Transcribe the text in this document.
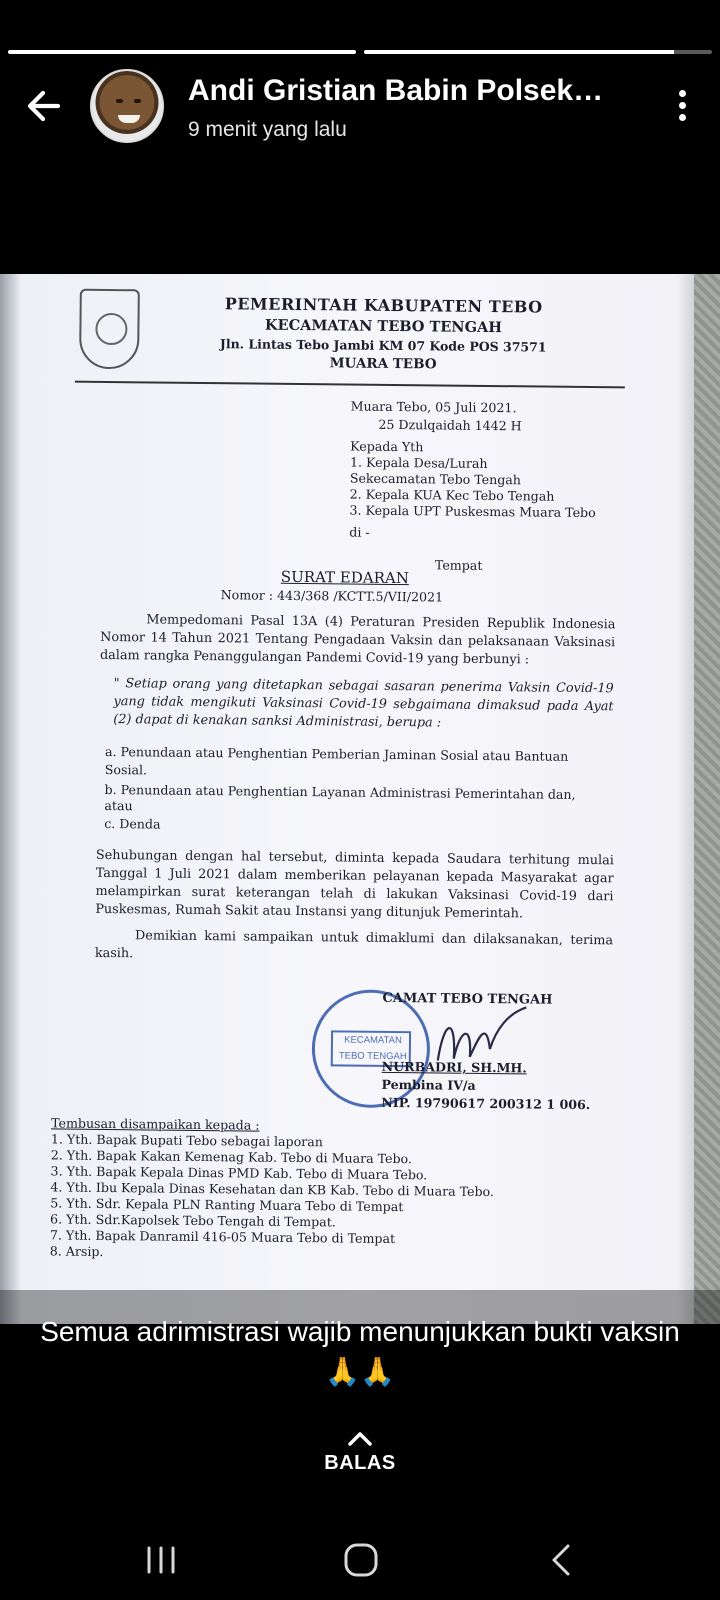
Andi Gristian Babin Polsek…
9 menit yang lalu
PEMERINTAH KABUPATEN TEBO
KECAMATAN TEBO TENGAH
Jln. Lintas Tebo Jambi KM 07 Kode POS 37571
MUARA TEBO
Muara Tebo, 05 Juli 2021.
25 Dzulqaidah 1442 H
Kepada Yth
1. Kepala Desa/Lurah
Sekecamatan Tebo Tengah
2. Kepala KUA Kec Tebo Tengah
3. Kepala UPT Puskesmas Muara Tebo
di -
Tempat
SURAT EDARAN
Nomor : 443/368 /KCTT.5/VII/2021
Mempedomani Pasal 13A (4) Peraturan Presiden Republik Indonesia Nomor 14 Tahun 2021 Tentang Pengadaan Vaksin dan pelaksanaan Vaksinasi dalam rangka Penanggulangan Pandemi Covid-19 yang berbunyi :
" Setiap orang yang ditetapkan sebagai sasaran penerima Vaksin Covid-19 yang tidak mengikuti Vaksinasi Covid-19 sebgaimana dimaksud pada Ayat (2) dapat di kenakan sanksi Administrasi, berupa :
a. Penundaan atau Penghentian Pemberian Jaminan Sosial atau Bantuan
Sosial.
b. Penundaan atau Penghentian Layanan Administrasi Pemerintahan dan,
atau
c. Denda
Sehubungan dengan hal tersebut, diminta kepada Saudara terhitung mulai Tanggal 1 Juli 2021 dalam memberikan pelayanan kepada Masyarakat agar melampirkan surat keterangan telah di lakukan Vaksinasi Covid-19 dari Puskesmas, Rumah Sakit atau Instansi yang ditunjuk Pemerintah.
Demikian kami sampaikan untuk dimaklumi dan dilaksanakan, terima kasih.
KECAMATAN
TEBO TENGAH
CAMAT TEBO TENGAH
NURBADRI, SH.MH.
Pembina IV/a
NIP. 19790617 200312 1 006.
Tembusan disampaikan kepada :
1. Yth. Bapak Bupati Tebo sebagai laporan
2. Yth. Bapak Kakan Kemenag Kab. Tebo di Muara Tebo.
3. Yth. Bapak Kepala Dinas PMD Kab. Tebo di Muara Tebo.
4. Yth. Ibu Kepala Dinas Kesehatan dan KB Kab. Tebo di Muara Tebo.
5. Yth. Sdr. Kepala PLN Ranting Muara Tebo di Tempat
6. Yth. Sdr.Kapolsek Tebo Tengah di Tempat.
7. Yth. Bapak Danramil 416-05 Muara Tebo di Tempat
8. Arsip.
Semua adrimistrasi wajib menunjukkan bukti vaksin 🙏🙏
BALAS
